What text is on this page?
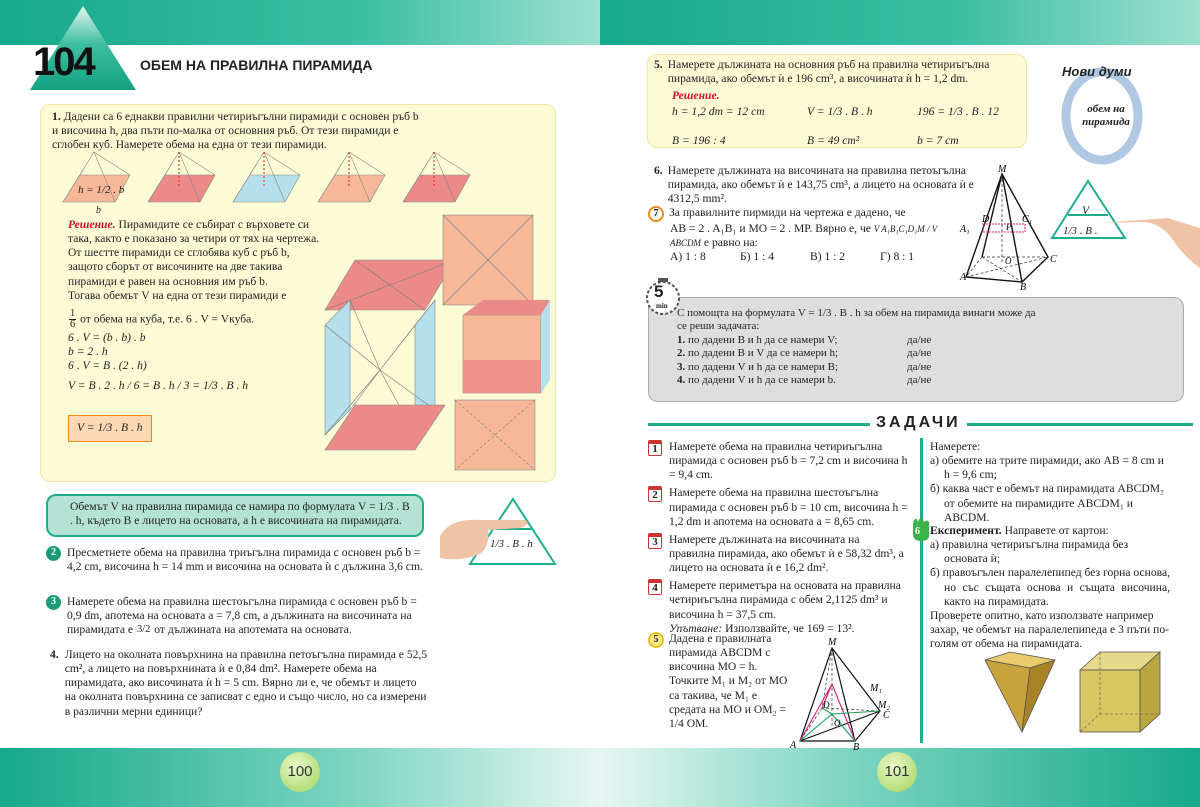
100	101
104	ОБЕМ НА ПРАВИЛНА ПИРАМИДА
1. Дадени са 6 еднакви правилни четириъгълни пирамиди с основен ръб b и височина h, два пъти по-малка от основния ръб. От тези пирамиди е сглобен куб. Намерете обема на една от тези пирамиди.
h = 1/2 . b
b

Решение. Пирамидите се събират с върховете си така, както е показано за четири от тях на чертежа.

От шестте пирамиди се сглобява куб с ръб b, защото сборът от височините на две такива пирамиди е равен на основния им ръб b.

Тогава обемът V на една от тези пирамиди е

$\frac{1}{6}$ от обема на куба, т.е. 6 . V = Vкуба.

6 . V = (b . b) . b

b = 2 . h

6 . V = B . (2 . h)

V = B . 2 . h / 6 = B . h / 3 = 1/3 . B . h

V = 1/3 . B . h
Обемът V на правилна пирамида се намира по формулата V = 1/3 . B . h, където B е лицето на основата, а h е височината на пирамидата.
1/3 . B . h
2 Пресметнете обема на правилна триъгълна пирамида с основен ръб b = 4,2 cm, височина h = 14 mm и височина на основата ѝ с дължина 3,6 cm.
3 Намерете обема на правилна шестоъгълна пирамида с основен ръб b = 0,9 dm, апотема на основата a = 7,8 cm, а дължината на височината на пирамидата е 3/2 от дължината на апотемата на основата.
4. Лицето на околната повърхнина на правилна петоъгълна пирамида е 52,5 cm², а лицето на повърхнината ѝ е 0,84 dm². Намерете обема на пирамидата, ако височината ѝ h = 5 cm. Вярно ли е, че обемът и лицето на околната повърхнина се записват с едно и също число, но са измерени в различни мерни единици?
5. Намерете дължината на основния ръб на правилна четириъгълна пирамида, ако обемът ѝ е 196 cm³, а височината ѝ h = 1,2 dm.
Решение.
h = 1,2 dm = 12 cm	V = 1/3 . B . h	196 = 1/3 . B . 12
B = 196 : 4	B = 49 cm²	b = 7 cm
Нови думи
обем на пирамида
V
1/3 . B .
6. Намерете дължината на височината на правилна петоъгълна пирамида, ако обемът ѝ е 143,75 cm³, а лицето на основата ѝ е 4312,5 mm².
7 За правилните пирмиди на чертежа е дадено, че
AB = 2 . A₁B₁ и MO = 2 . MP. Вярно е, че V A₁B₁C₁D₁M / V ABCDM е равно на:
А) 1 : 8	Б) 1 : 4	В) 1 : 2	Г) 8 : 1
M
A₁
D	C₁
P
O
A
B
C
5
min

С помощта на формулата V = 1/3 . B . h за обем на пирамида винаги може да се реши задачата:

1. по дадени B и h да се намери V;	да/не
2. по дадени B и V да се намери h;	да/не
3. по дадени V и h да се намери B;	да/не
4. по дадени V и h да се намери b.	да/не
ЗАДАЧИ
1 Намерете обема на правилна четириъгълна пирамида с основен ръб b = 7,2 cm и височина h = 9,4 cm.
2 Намерете обема на правилна шестоъгълна пирамида с основен ръб b = 10 cm, височина h = 1,2 dm и апотема на основата a = 8,65 cm.
3 Намерете дължината на височината на правилна пирамида, ако обемът ѝ е 58,32 dm³, а лицето на основата ѝ е 16,2 dm².
4 Намерете периметъра на основата на правилна четириъгълна пирамида с обем 2,1125 dm³ и височина h = 37,5 cm.
Упътване: Използвайте, че 169 = 13².
5 Дадена е правилната пирамида ABCDM с височина MO = h. Точките M₁ и M₂ от MO са такива, че M₁ е средата на MO и OM₂ = 1/4 OM.
M
M₁
M₂
D
O
C
A	B

Намерете:

а) обемите на трите пирамиди, ако AB = 8 cm и h = 9,6 cm;

б) каква част е обемът на пирамидата ABCDM₂ от обемите на пирамидите ABCDM₁ и ABCDM.

6 Експеримент. Направете от картон:

а) правилна четириъгълна пирамида без основата ѝ;

б) правоъгълен паралелепипед без горна основа, но със същата основа и същата височина, както на пирамидата.

Проверете опитно, като използвате например захар, че обемът на паралелепипеда е 3 пъти по-голям от обема на пирамидата.
